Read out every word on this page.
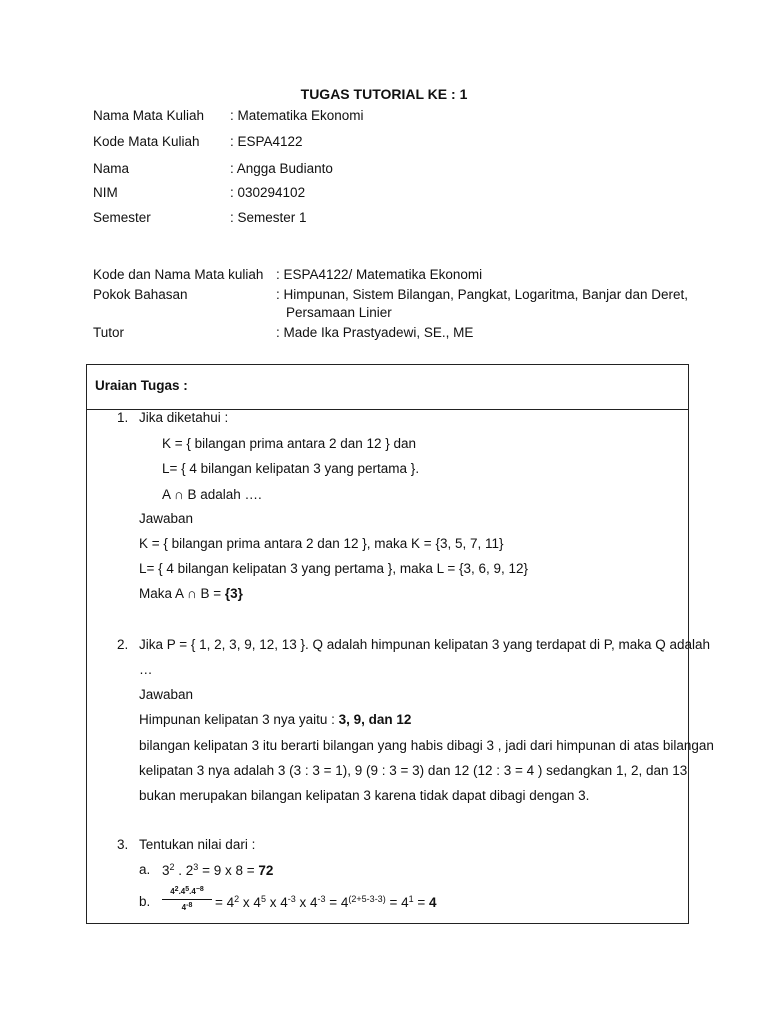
TUGAS TUTORIAL KE : 1
Nama Mata Kuliah : Matematika Ekonomi
Kode Mata Kuliah : ESPA4122
Nama	: Angga Budianto
NIM	: 030294102
Semester	: Semester 1
Kode dan Nama Mata kuliah : ESPA4122/ Matematika Ekonomi
Pokok Bahasan	: Himpunan, Sistem Bilangan, Pangkat, Logaritma, Banjar dan Deret,
Persamaan Linier
Tutor	: Made Ika Prastyadewi, SE., ME
Uraian Tugas :
1. Jika diketahui :
K = { bilangan prima antara 2 dan 12 } dan
L= { 4 bilangan kelipatan 3 yang pertama }.
A ∩ B adalah ….
Jawaban
K = { bilangan prima antara 2 dan 12 }, maka K = {3, 5, 7, 11}
L= { 4 bilangan kelipatan 3 yang pertama }, maka L = {3, 6, 9, 12}
Maka A ∩ B = {3}
2. Jika P = { 1, 2, 3, 9, 12, 13 }. Q adalah himpunan kelipatan 3 yang terdapat di P, maka Q adalah
…
Jawaban
Himpunan kelipatan 3 nya yaitu : 3, 9, dan 12
bilangan kelipatan 3 itu berarti bilangan yang habis dibagi 3 , jadi dari himpunan di atas bilangan
kelipatan 3 nya adalah 3 (3 : 3 = 1), 9 (9 : 3 = 3) dan 12 (12 : 3 = 4 ) sedangkan 1, 2, dan 13
bukan merupakan bilangan kelipatan 3 karena tidak dapat dibagi dengan 3.
3. Tentukan nilai dari :
a. $3^2$ . $2^3 = 9$ x 8 = 72
b.
$4^2.4^5.4^{-8}$
$4^{-8}$	= $4^2$ x $4^5$ x $4^{-3}$ x $4^{-3} = 4^{(2+5-3-3)} = 4^1 = 4$
